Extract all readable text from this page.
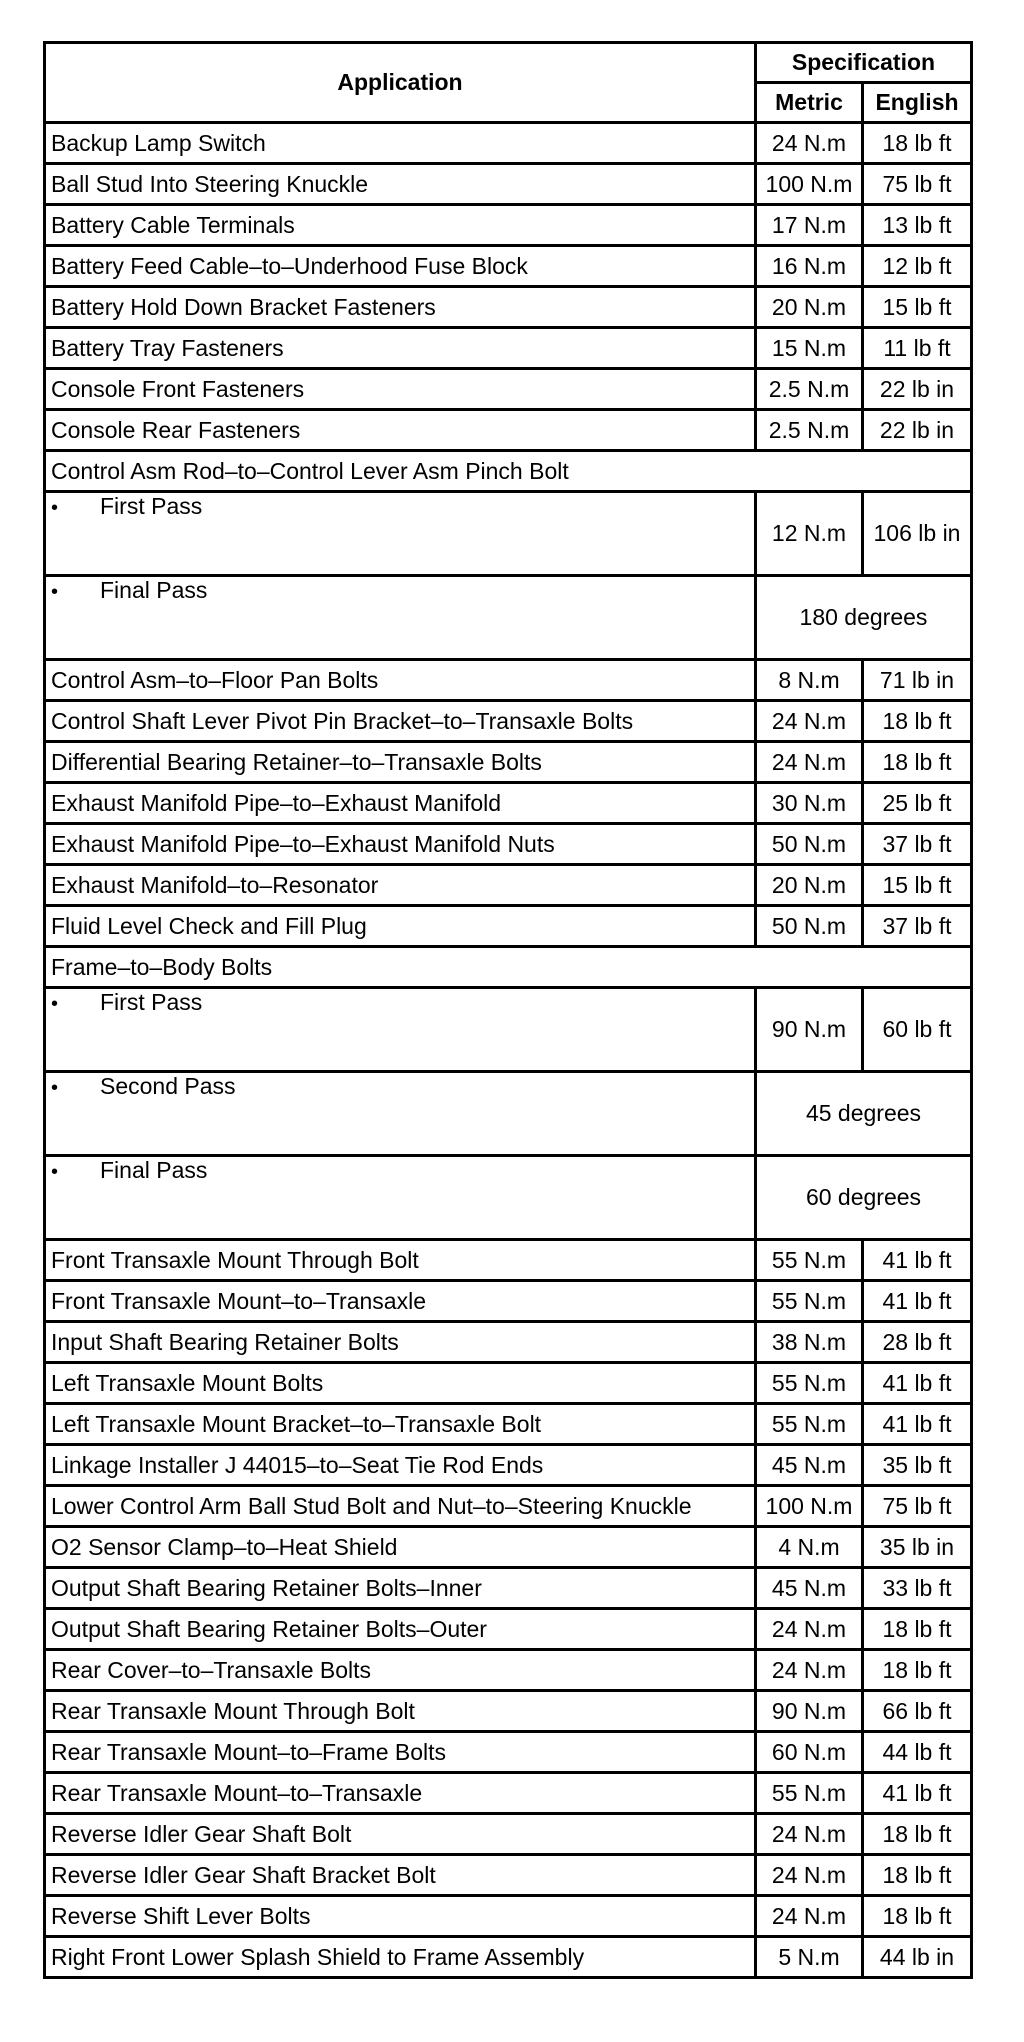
Application	Specification	
	Metric	English
Backup Lamp Switch	24 N.m	18 lb ft
Ball Stud Into Steering Knuckle	100 N.m	75 lb ft
Battery Cable Terminals	17 N.m	13 lb ft
Battery Feed Cable–to–Underhood Fuse Block	16 N.m	12 lb ft
Battery Hold Down Bracket Fasteners	20 N.m	15 lb ft
Battery Tray Fasteners	15 N.m	11 lb ft
Console Front Fasteners	2.5 N.m	22 lb in
Console Rear Fasteners	2.5 N.m	22 lb in
Control Asm Rod–to–Control Lever Asm Pinch Bolt		
• First Pass	12 N.m	106 lb in
• Final Pass	180 degrees	
Control Asm–to–Floor Pan Bolts	8 N.m	71 lb in
Control Shaft Lever Pivot Pin Bracket–to–Transaxle Bolts	24 N.m	18 lb ft
Differential Bearing Retainer–to–Transaxle Bolts	24 N.m	18 lb ft
Exhaust Manifold Pipe–to–Exhaust Manifold	30 N.m	25 lb ft
Exhaust Manifold Pipe–to–Exhaust Manifold Nuts	50 N.m	37 lb ft
Exhaust Manifold–to–Resonator	20 N.m	15 lb ft
Fluid Level Check and Fill Plug	50 N.m	37 lb ft
Frame–to–Body Bolts		
• First Pass	90 N.m	60 lb ft
• Second Pass	45 degrees	
• Final Pass	60 degrees	
Front Transaxle Mount Through Bolt	55 N.m	41 lb ft
Front Transaxle Mount–to–Transaxle	55 N.m	41 lb ft
Input Shaft Bearing Retainer Bolts	38 N.m	28 lb ft
Left Transaxle Mount Bolts	55 N.m	41 lb ft
Left Transaxle Mount Bracket–to–Transaxle Bolt	55 N.m	41 lb ft
Linkage Installer J 44015–to–Seat Tie Rod Ends	45 N.m	35 lb ft
Lower Control Arm Ball Stud Bolt and Nut–to–Steering Knuckle	100 N.m	75 lb ft
O2 Sensor Clamp–to–Heat Shield	4 N.m	35 lb in
Output Shaft Bearing Retainer Bolts–Inner	45 N.m	33 lb ft
Output Shaft Bearing Retainer Bolts–Outer	24 N.m	18 lb ft
Rear Cover–to–Transaxle Bolts	24 N.m	18 lb ft
Rear Transaxle Mount Through Bolt	90 N.m	66 lb ft
Rear Transaxle Mount–to–Frame Bolts	60 N.m	44 lb ft
Rear Transaxle Mount–to–Transaxle	55 N.m	41 lb ft
Reverse Idler Gear Shaft Bolt	24 N.m	18 lb ft
Reverse Idler Gear Shaft Bracket Bolt	24 N.m	18 lb ft
Reverse Shift Lever Bolts	24 N.m	18 lb ft
Right Front Lower Splash Shield to Frame Assembly	5 N.m	44 lb in
